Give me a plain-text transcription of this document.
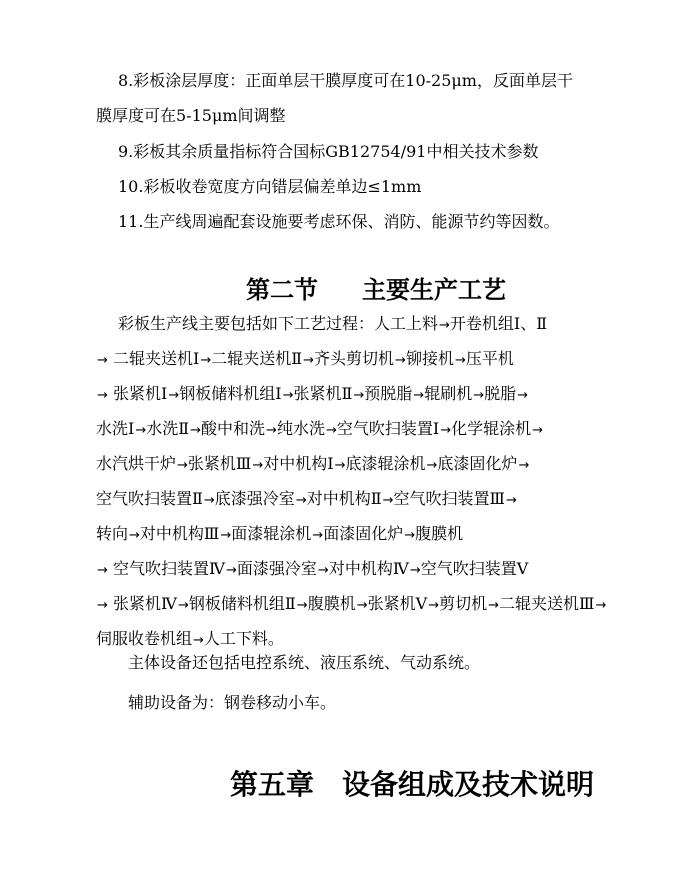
8.彩板涂层厚度：正面单层干膜厚度可在10-25μm，反面单层干
膜厚度可在5-15μm间调整
9.彩板其余质量指标符合国标GB12754/91中相关技术参数
10.彩板收卷宽度方向错层偏差单边≤1mm
11.生产线周遍配套设施要考虑环保、消防、能源节约等因数。
第二节 主要生产工艺
彩板生产线主要包括如下工艺过程：人工上料→开卷机组Ⅰ、Ⅱ
→ 二辊夹送机Ⅰ→二辊夹送机Ⅱ→齐头剪切机→铆接机→压平机
→ 张紧机Ⅰ→钢板储料机组Ⅰ→张紧机Ⅱ→预脱脂→辊刷机→脱脂→
水洗Ⅰ→水洗Ⅱ→酸中和洗→纯水洗→空气吹扫装置Ⅰ→化学辊涂机→
水汽烘干炉→张紧机Ⅲ→对中机构Ⅰ→底漆辊涂机→底漆固化炉→
空气吹扫装置Ⅱ→底漆强冷室→对中机构Ⅱ→空气吹扫装置Ⅲ→
转向→对中机构Ⅲ→面漆辊涂机→面漆固化炉→腹膜机
→ 空气吹扫装置Ⅳ→面漆强冷室→对中机构Ⅳ→空气吹扫装置Ⅴ
→ 张紧机Ⅳ→钢板储料机组Ⅱ→腹膜机→张紧机Ⅴ→剪切机→二辊夹送机Ⅲ→
伺服收卷机组→人工下料。
主体设备还包括电控系统、液压系统、气动系统。
辅助设备为：钢卷移动小车。
第五章 设备组成及技术说明
